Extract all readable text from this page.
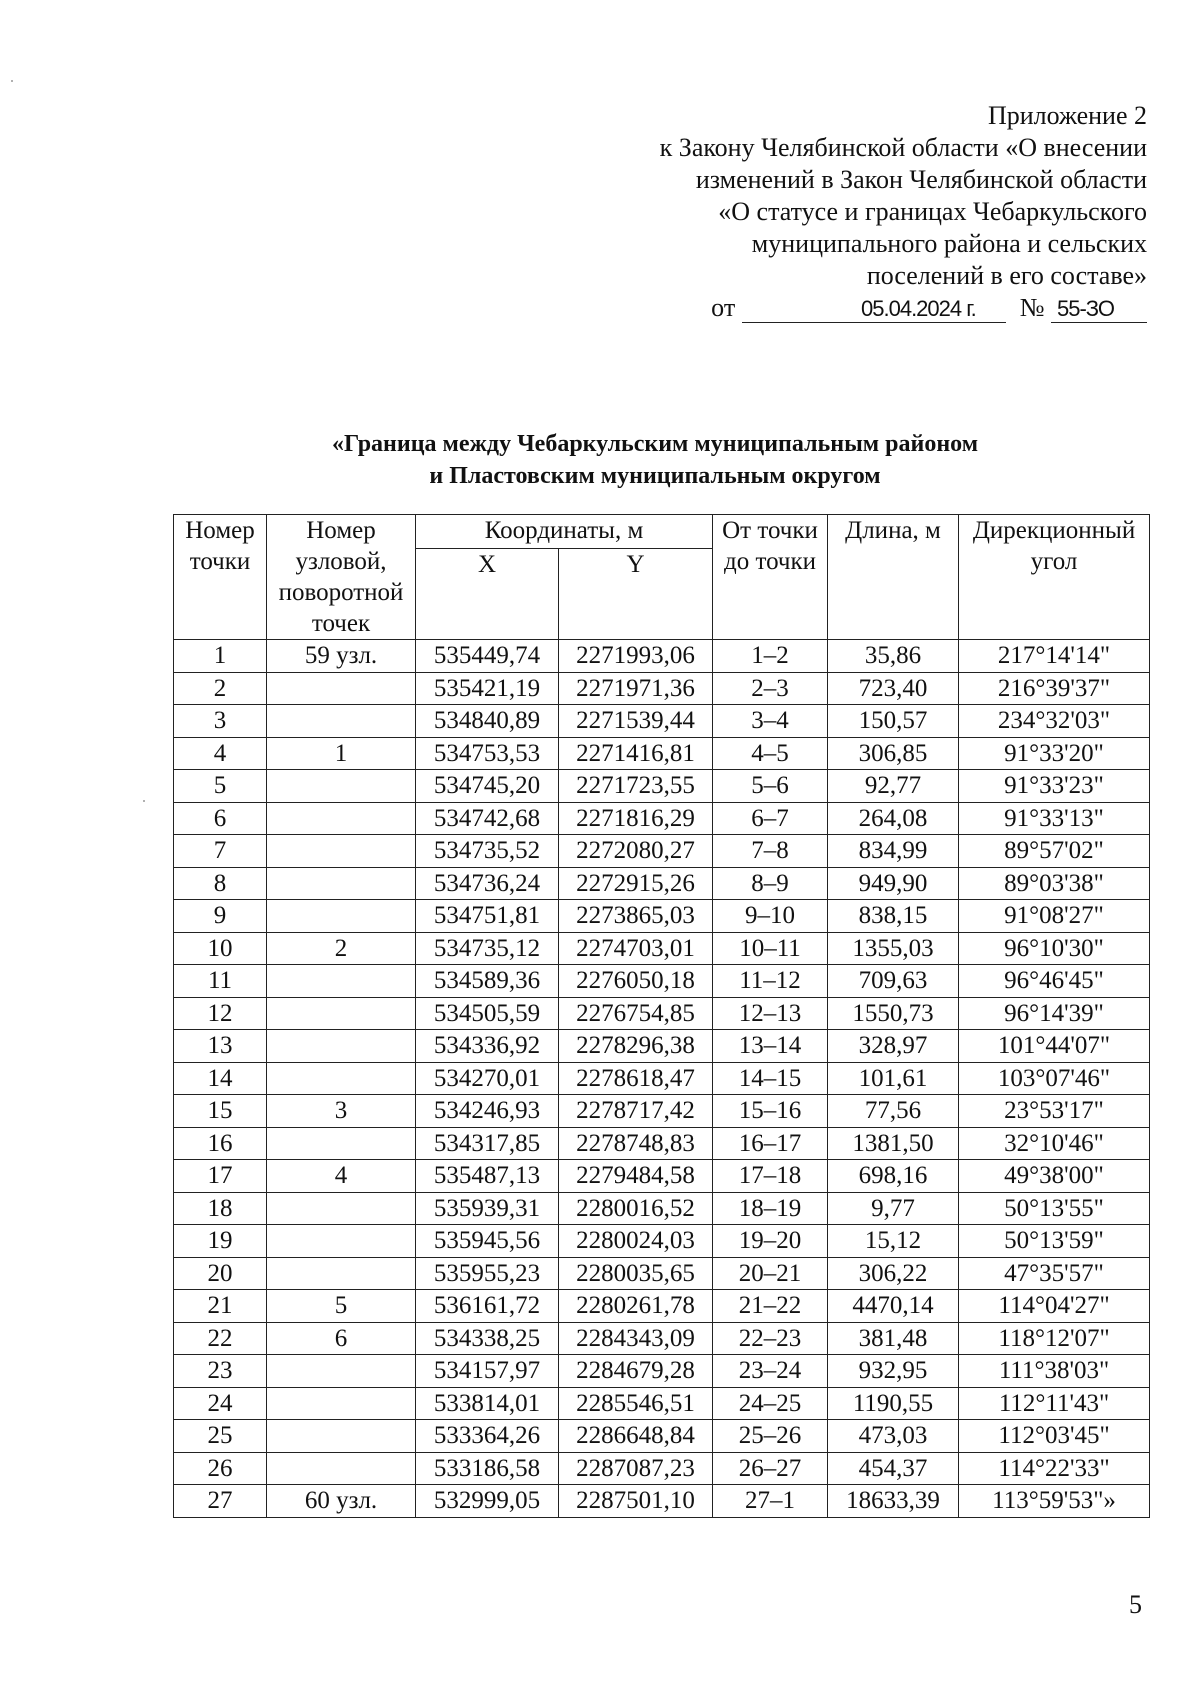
Приложение 2
к Закону Челябинской области «О внесении
изменений в Закон Челябинской области
«О статусе и границах Чебаркульского
муниципального района и сельских
поселений в его составе»
от	05.04.2024 г. № 55-ЗО
«Граница между Чебаркульским муниципальным районом
и Пластовским муниципальным округом
Номер точки	Номер узловой, поворотной точек	Координаты, м		От точки до точки	Длина, м	Дирекционный угол
		X	Y			
1	59 узл.	535449,74	2271993,06	1–2	35,86	217°14'14"
2		535421,19	2271971,36	2–3	723,40	216°39'37"
3		534840,89	2271539,44	3–4	150,57	234°32'03"
4	1	534753,53	2271416,81	4–5	306,85	91°33'20"
5		534745,20	2271723,55	5–6	92,77	91°33'23"
6		534742,68	2271816,29	6–7	264,08	91°33'13"
7		534735,52	2272080,27	7–8	834,99	89°57'02"
8		534736,24	2272915,26	8–9	949,90	89°03'38"
9		534751,81	2273865,03	9–10	838,15	91°08'27"
10	2	534735,12	2274703,01	10–11	1355,03	96°10'30"
11		534589,36	2276050,18	11–12	709,63	96°46'45"
12		534505,59	2276754,85	12–13	1550,73	96°14'39"
13		534336,92	2278296,38	13–14	328,97	101°44'07"
14		534270,01	2278618,47	14–15	101,61	103°07'46"
15	3	534246,93	2278717,42	15–16	77,56	23°53'17"
16		534317,85	2278748,83	16–17	1381,50	32°10'46"
17	4	535487,13	2279484,58	17–18	698,16	49°38'00"
18		535939,31	2280016,52	18–19	9,77	50°13'55"
19		535945,56	2280024,03	19–20	15,12	50°13'59"
20		535955,23	2280035,65	20–21	306,22	47°35'57"
21	5	536161,72	2280261,78	21–22	4470,14	114°04'27"
22	6	534338,25	2284343,09	22–23	381,48	118°12'07"
23		534157,97	2284679,28	23–24	932,95	111°38'03"
24		533814,01	2285546,51	24–25	1190,55	112°11'43"
25		533364,26	2286648,84	25–26	473,03	112°03'45"
26		533186,58	2287087,23	26–27	454,37	114°22'33"
27	60 узл.	532999,05	2287501,10	27–1	18633,39	113°59'53"»
5
